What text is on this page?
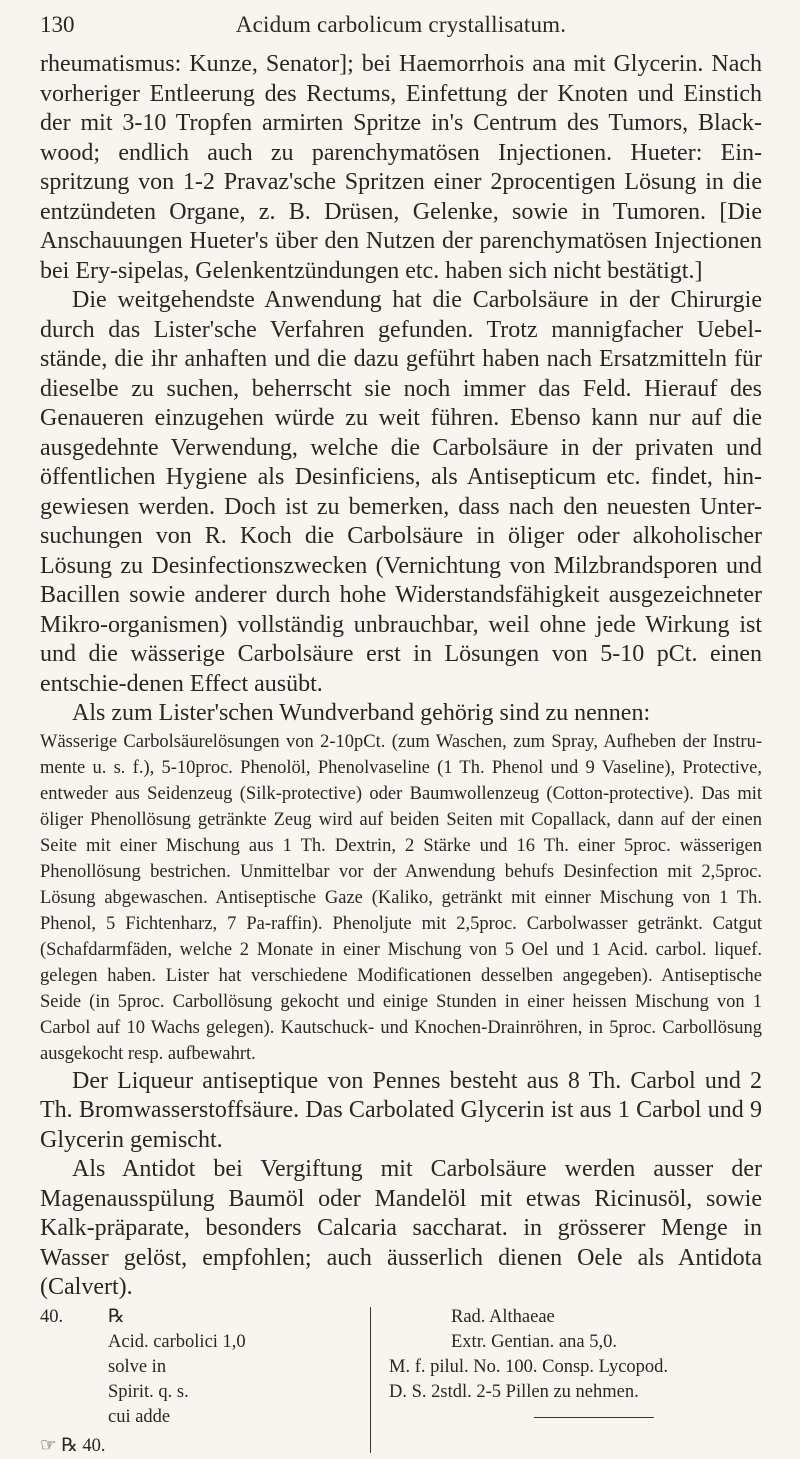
130	Acidum carbolicum crystallisatum.

rheumatismus: Kunze, Senator]; bei Haemorrhois ana mit Glycerin. Nach vorheriger Entleerung des Rectums, Einfettung der Knoten und Einstich der mit 3-10 Tropfen armirten Spritze in's Centrum des Tumors, Black-wood; endlich auch zu parenchymatösen Injectionen. Hueter: Ein-spritzung von 1-2 Pravaz'sche Spritzen einer 2procentigen Lösung in die entzündeten Organe, z. B. Drüsen, Gelenke, sowie in Tumoren. [Die Anschauungen Hueter's über den Nutzen der parenchymatösen Injectionen bei Ery-sipelas, Gelenkentzündungen etc. haben sich nicht bestätigt.]

Die weitgehendste Anwendung hat die Carbolsäure in der Chirurgie durch das Lister'sche Verfahren gefunden. Trotz mannigfacher Uebel-stände, die ihr anhaften und die dazu geführt haben nach Ersatzmitteln für dieselbe zu suchen, beherrscht sie noch immer das Feld. Hierauf des Genaueren einzugehen würde zu weit führen. Ebenso kann nur auf die ausgedehnte Verwendung, welche die Carbolsäure in der privaten und öffentlichen Hygiene als Desinficiens, als Antisepticum etc. findet, hin-gewiesen werden. Doch ist zu bemerken, dass nach den neuesten Unter-suchungen von R. Koch die Carbolsäure in öliger oder alkoholischer Lösung zu Desinfectionszwecken (Vernichtung von Milzbrandsporen und Bacillen sowie anderer durch hohe Widerstandsfähigkeit ausgezeichneter Mikro-organismen) vollständig unbrauchbar, weil ohne jede Wirkung ist und die wässerige Carbolsäure erst in Lösungen von 5-10 pCt. einen entschie-denen Effect ausübt.

Als zum Lister'schen Wundverband gehörig sind zu nennen:

Wässerige Carbolsäurelösungen von 2-10pCt. (zum Waschen, zum Spray, Aufheben der Instru-mente u. s. f.), 5-10proc. Phenolöl, Phenolvaseline (1 Th. Phenol und 9 Vaseline), Protective, entweder aus Seidenzeug (Silk-protective) oder Baumwollenzeug (Cotton-protective). Das mit öliger Phenollösung getränkte Zeug wird auf beiden Seiten mit Copallack, dann auf der einen Seite mit einer Mischung aus 1 Th. Dextrin, 2 Stärke und 16 Th. einer 5proc. wässerigen Phenollösung bestrichen. Unmittelbar vor der Anwendung behufs Desinfection mit 2,5proc. Lösung abgewaschen. Antiseptische Gaze (Kaliko, getränkt mit einner Mischung von 1 Th. Phenol, 5 Fichtenharz, 7 Pa-raffin). Phenoljute mit 2,5proc. Carbolwasser getränkt. Catgut (Schafdarmfäden, welche 2 Monate in einer Mischung von 5 Oel und 1 Acid. carbol. liquef. gelegen haben. Lister hat verschiedene Modificationen desselben angegeben). Antiseptische Seide (in 5proc. Carbollösung gekocht und einige Stunden in einer heissen Mischung von 1 Carbol auf 10 Wachs gelegen). Kautschuck- und Knochen-Drainröhren, in 5proc. Carbollösung ausgekocht resp. aufbewahrt.

Der Liqueur antiseptique von Pennes besteht aus 8 Th. Carbol und 2 Th. Bromwasserstoffsäure. Das Carbolated Glycerin ist aus 1 Carbol und 9 Glycerin gemischt.

Als Antidot bei Vergiftung mit Carbolsäure werden ausser der Magenausspülung Baumöl oder Mandelöl mit etwas Ricinusöl, sowie Kalk-präparate, besonders Calcaria saccharat. in grösserer Menge in Wasser gelöst, empfohlen; auch äusserlich dienen Oele als Antidota (Calvert).

40. ℞
Acid. carbolici 1,0
solve in
Spirit. q. s.
cui adde
☞ ℞ 40.
Rad. Althaeae
Extr. Gentian. ana 5,0.
M. f. pilul. No. 100. Consp. Lycopod.
D. S. 2stdl. 2-5 Pillen zu nehmen.
